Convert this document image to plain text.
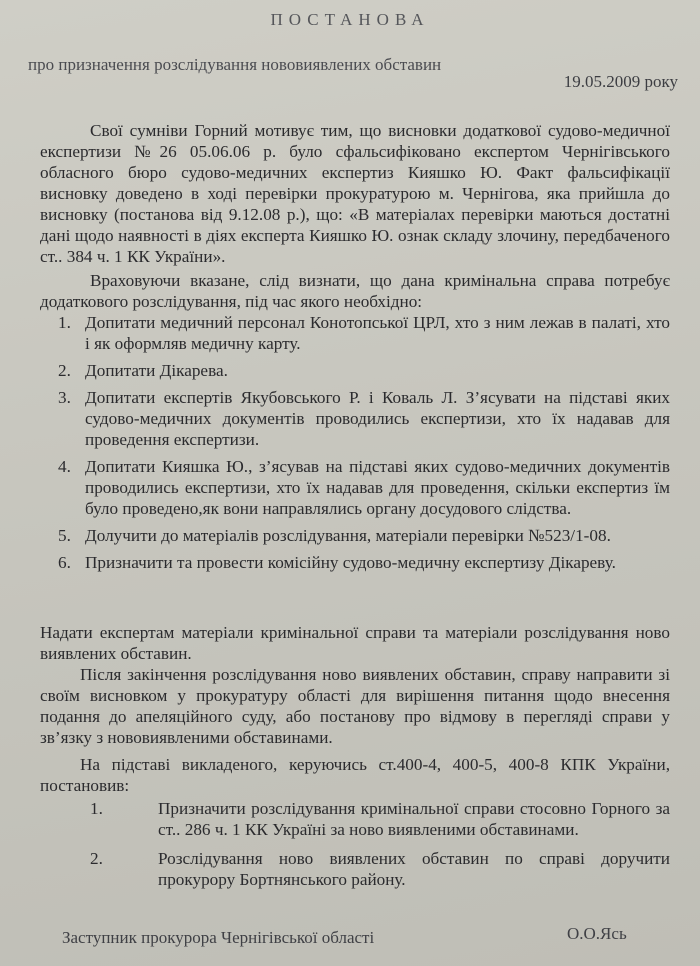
ПОСТАНОВА
про призначення розслідування нововиявлених обставин
19.05.2009 року
Свої сумніви Горний мотивує тим, що висновки додаткової судово-медичної експертизи №26 05.06.06 р. було сфальсифіковано експертом Чернігівського обласного бюро судово-медичних експертиз Кияшко Ю. Факт фальсифікації висновку доведено в ході перевірки прокуратурою м. Чернігова, яка прийшла до висновку (постанова від 9.12.08 р.), що: «В матеріалах перевірки маються достатні дані щодо наявності в діях експерта Кияшко Ю. ознак складу злочину, передбаченого ст.. 384 ч. 1 КК України».
Враховуючи вказане, слід визнати, що дана кримінальна справа потребує додаткового розслідування, під час якого необхідно:
1. Допитати медичний персонал Конотопської ЦРЛ, хто з ним лежав в палаті, хто і як оформляв медичну карту.
2. Допитати Дікарева.
3. Допитати експертів Якубовського Р. і Коваль Л. З’ясувати на підставі яких судово-медичних документів проводились експертизи, хто їх надавав для проведення експертизи.
4. Допитати Кияшка Ю., з’ясував на підставі яких судово-медичних документів проводились експертизи, хто їх надавав для проведення, скільки експертиз їм було проведено,як вони направлялись органу досудового слідства.
5. Долучити до матеріалів розслідування, матеріали перевірки №523/1-08.
6. Призначити та провести комісійну судово-медичну експертизу Дікареву.
Надати експертам матеріали кримінальної справи та матеріали розслідування ново виявлених обставин.
Після закінчення розслідування ново виявлених обставин, справу направити зі своїм висновком у прокуратуру області для вирішення питання щодо внесення подання до апеляційного суду, або постанову про відмову в перегляді справи у зв’язку з нововиявленими обставинами.
На підставі викладеного, керуючись ст.400-4, 400-5, 400-8 КПК України, постановив:
1.	Призначити розслідування кримінальної справи стосовно Горного за ст.. 286 ч. 1 КК Україні за ново виявленими обставинами.
2.	Розслідування ново виявлених обставин по справі доручити прокурору Бортнянського району.
Заступник прокурора Чернігівської області	О.О.Ясь
